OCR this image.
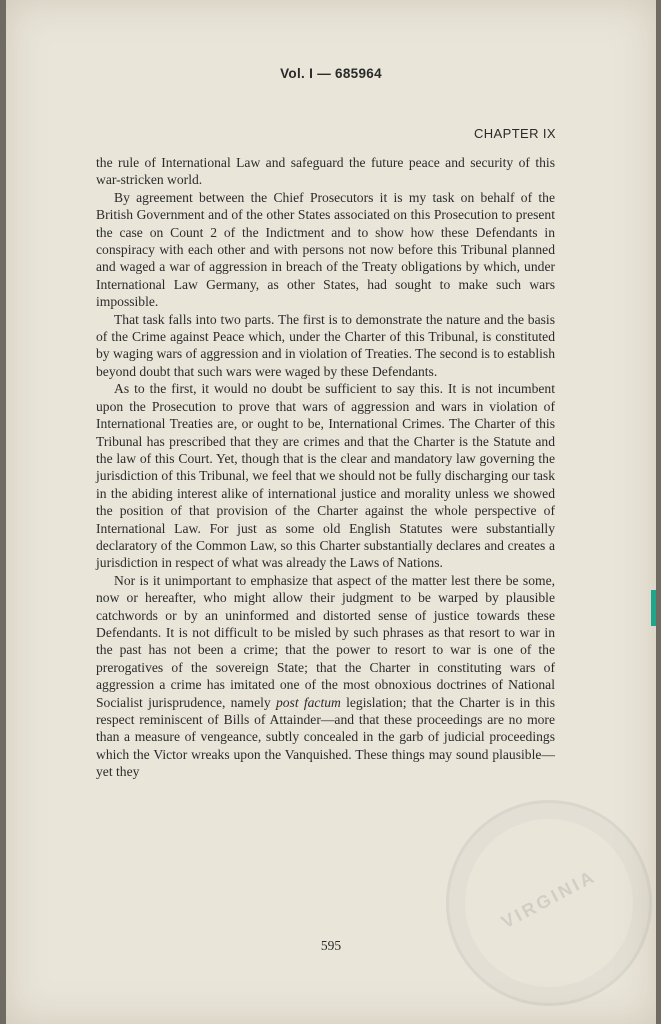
Vol. I — 685964
CHAPTER IX

the rule of International Law and safeguard the future peace and security of this war-stricken world.

By agreement between the Chief Prosecutors it is my task on behalf of the British Government and of the other States associated on this Prosecution to present the case on Count 2 of the Indictment and to show how these Defendants in conspiracy with each other and with persons not now before this Tribunal planned and waged a war of aggression in breach of the Treaty obligations by which, under International Law Germany, as other States, had sought to make such wars impossible.

That task falls into two parts. The first is to demonstrate the nature and the basis of the Crime against Peace which, under the Charter of this Tribunal, is constituted by waging wars of aggression and in violation of Treaties. The second is to establish beyond doubt that such wars were waged by these Defendants.

As to the first, it would no doubt be sufficient to say this. It is not incumbent upon the Prosecution to prove that wars of aggression and wars in violation of International Treaties are, or ought to be, International Crimes. The Charter of this Tribunal has prescribed that they are crimes and that the Charter is the Statute and the law of this Court. Yet, though that is the clear and mandatory law governing the jurisdiction of this Tribunal, we feel that we should not be fully discharging our task in the abiding interest alike of international justice and morality unless we showed the position of that provision of the Charter against the whole perspective of International Law. For just as some old English Statutes were substantially declaratory of the Common Law, so this Charter substantially declares and creates a jurisdiction in respect of what was already the Laws of Nations.

Nor is it unimportant to emphasize that aspect of the matter lest there be some, now or hereafter, who might allow their judgment to be warped by plausible catchwords or by an uninformed and distorted sense of justice towards these Defendants. It is not difficult to be misled by such phrases as that resort to war in the past has not been a crime; that the power to resort to war is one of the prerogatives of the sovereign State; that the Charter in constituting wars of aggression a crime has imitated one of the most obnoxious doctrines of National Socialist jurisprudence, namely post factum legislation; that the Charter is in this respect reminiscent of Bills of Attainder—and that these proceedings are no more than a measure of vengeance, subtly concealed in the garb of judicial proceedings which the Victor wreaks upon the Vanquished. These things may sound plausible—yet they

595
VIRGINIA
